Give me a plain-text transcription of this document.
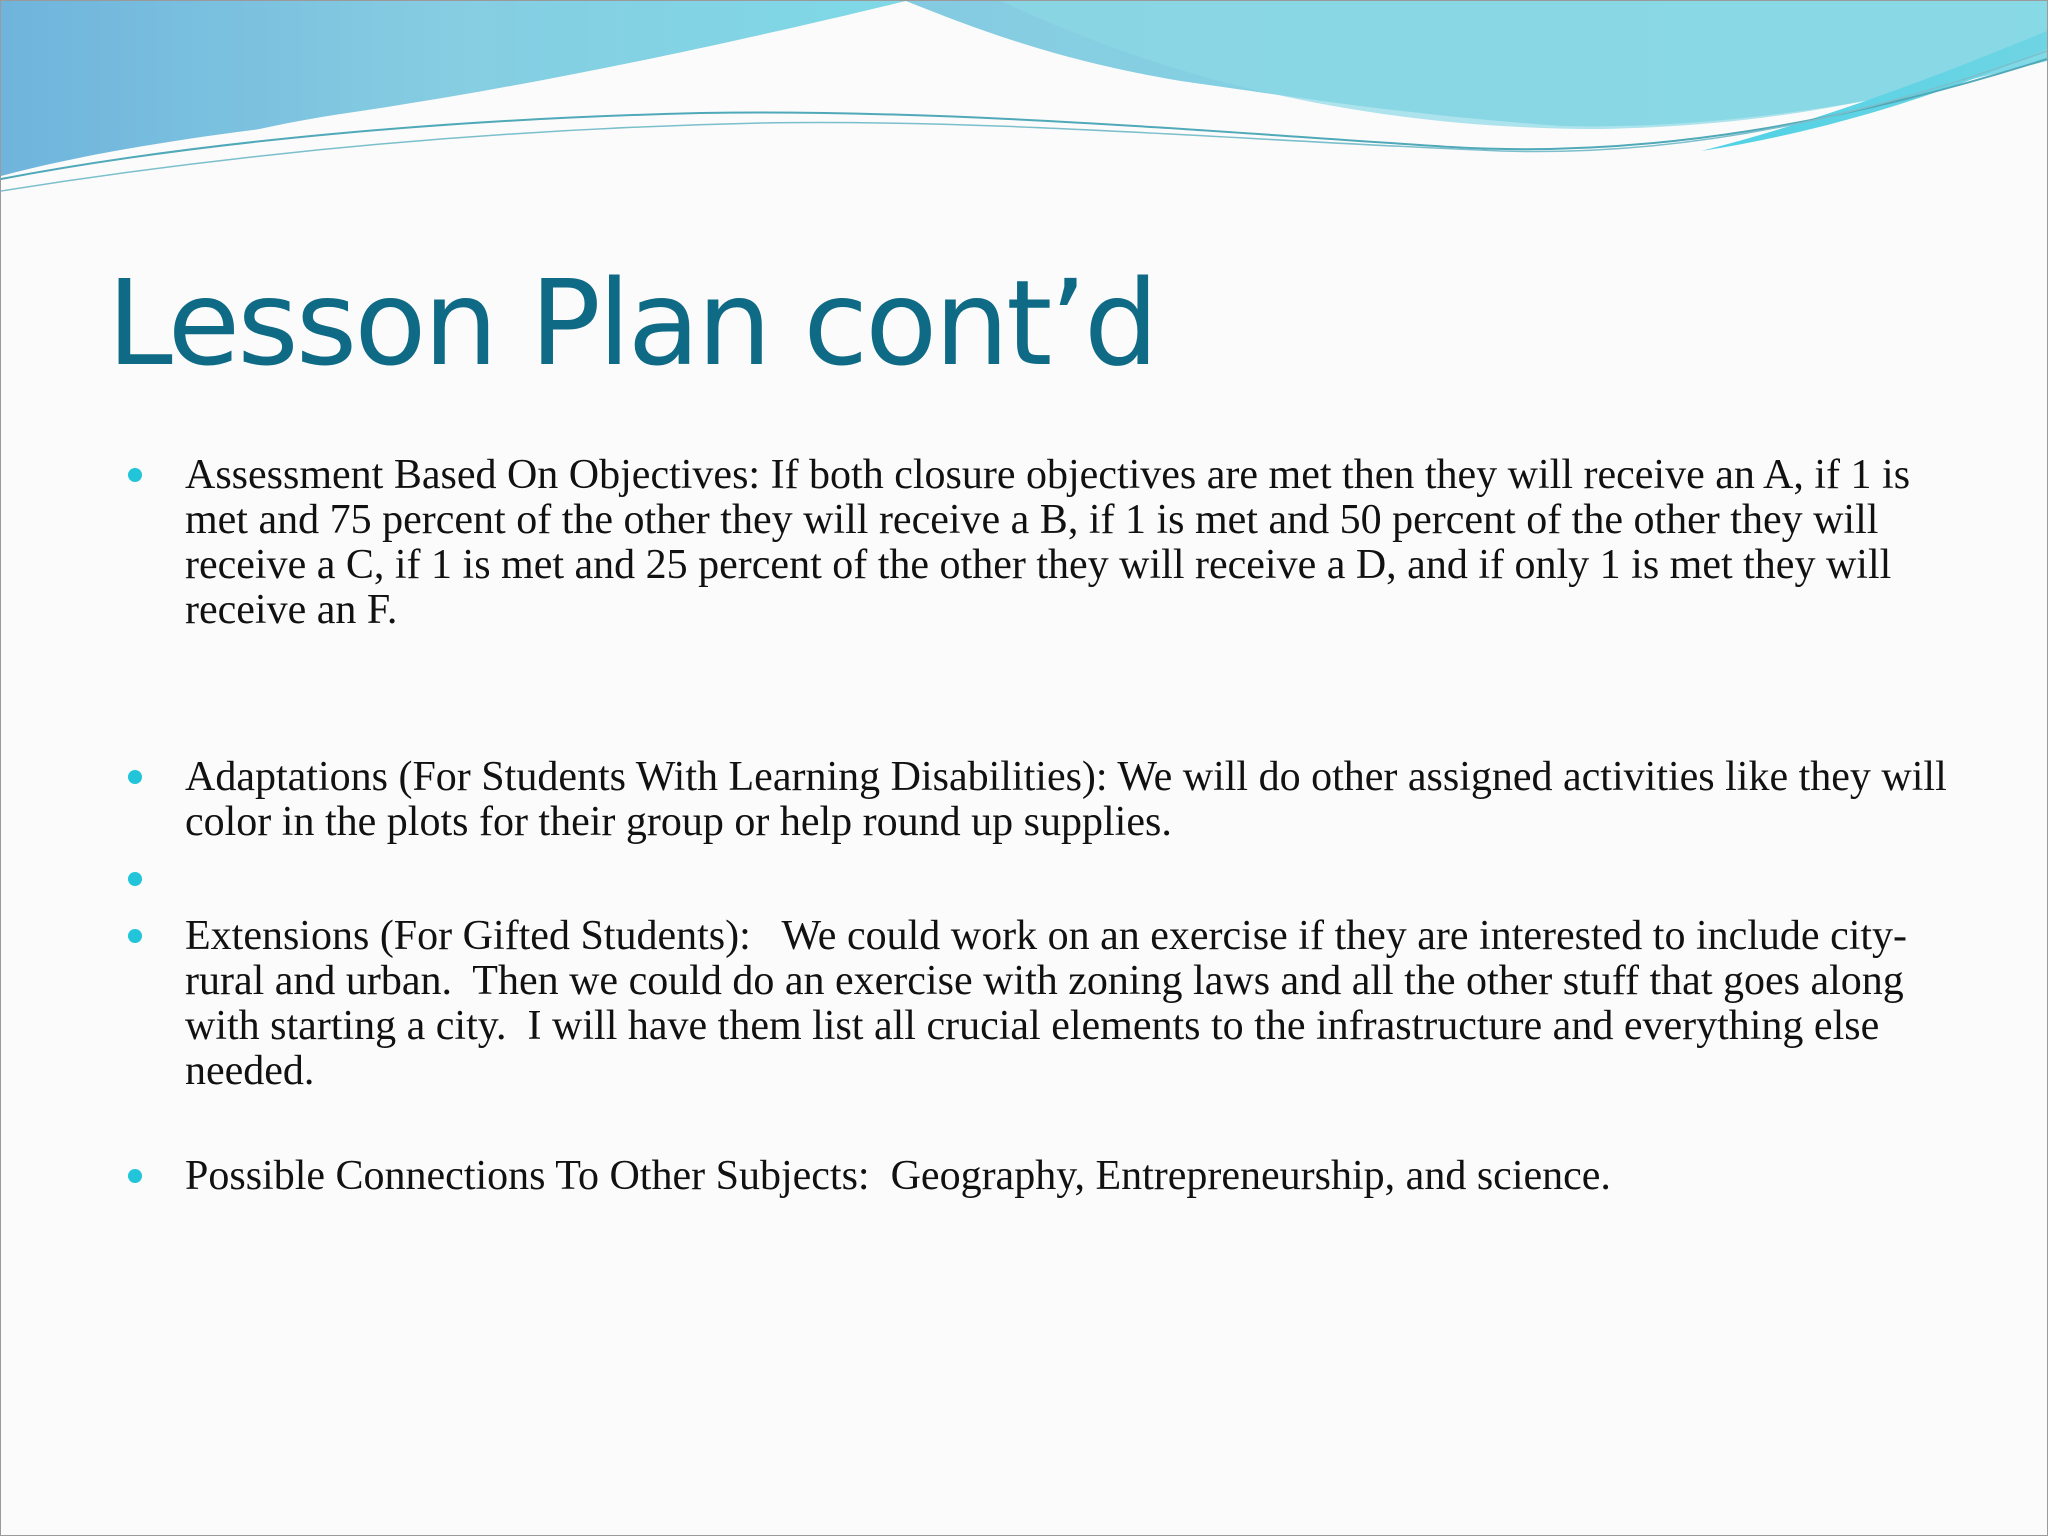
Lesson Plan cont’d
Assessment Based On Objectives: If both closure objectives are met then they will receive an A, if 1 is met and 75 percent of the other they will receive a B, if 1 is met and 50 percent of the other they will receive a C, if 1 is met and 25 percent of the other they will receive a D, and if only 1 is met they will receive an F.
Adaptations (For Students With Learning Disabilities): We will do other assigned activities like they will color in the plots for their group or help round up supplies.
Extensions (For Gifted Students):   We could work on an exercise if they are interested to include city-rural and urban.  Then we could do an exercise with zoning laws and all the other stuff that goes along with starting a city.  I will have them list all crucial elements to the infrastructure and everything else needed.
Possible Connections To Other Subjects:  Geography, Entrepreneurship, and science.
